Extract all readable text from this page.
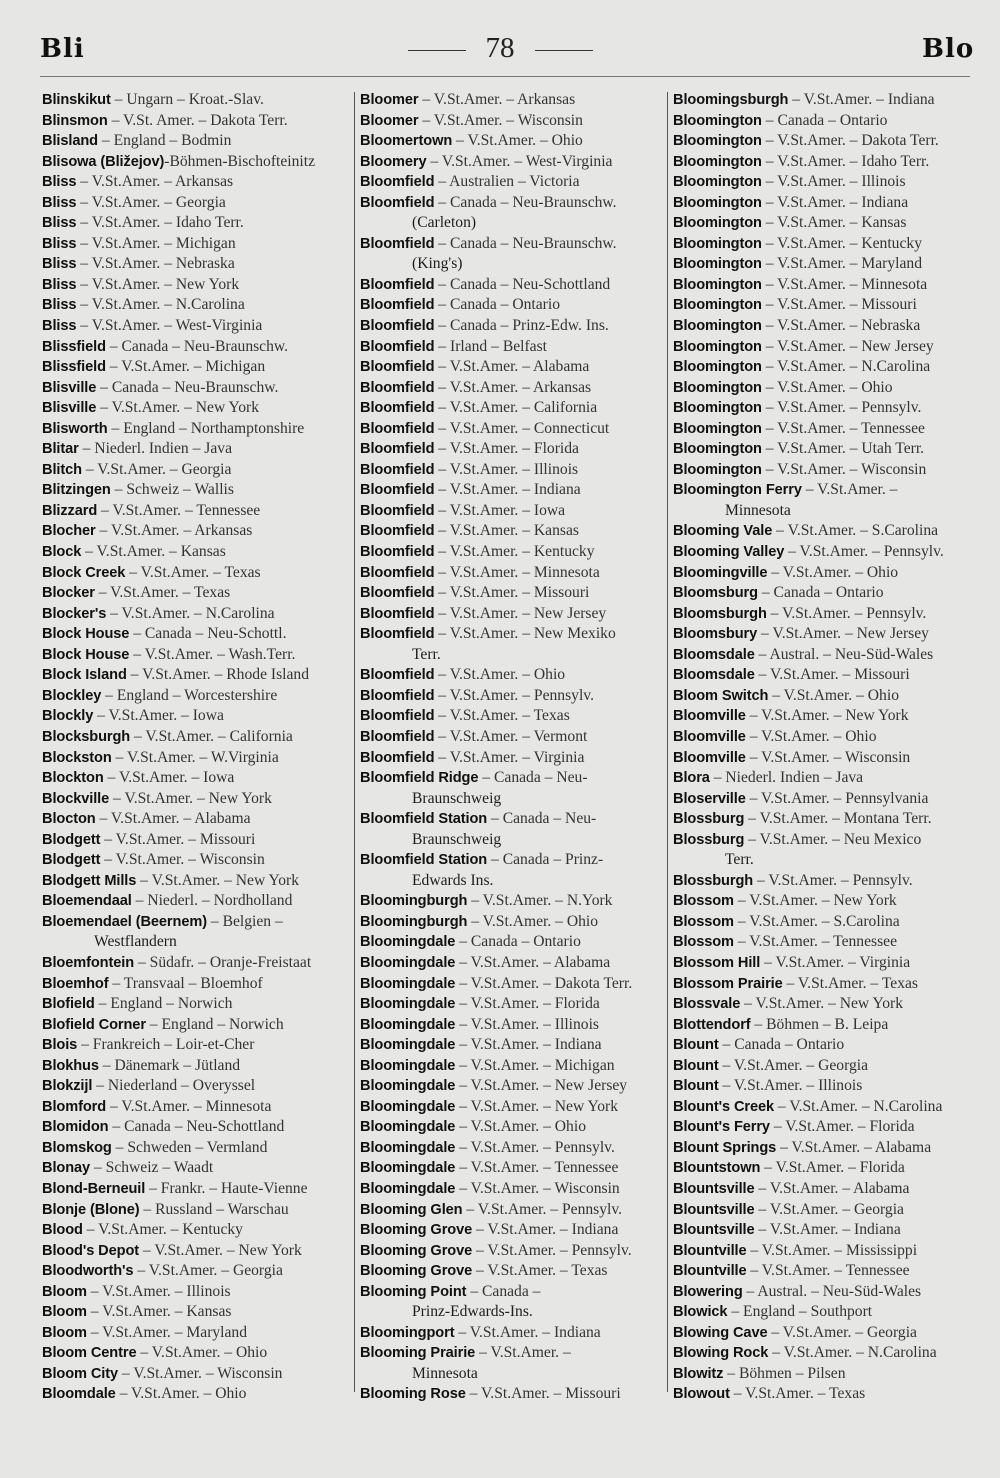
Bli	78	Blo
Blinskikut – Ungarn – Kroat.-Slav.
Blinsmon – V.St. Amer. – Dakota Terr.
Blisland – England – Bodmin
Blisowa (Bližejov)-Böhmen-Bischofteinitz
Bliss – V.St.Amer. – Arkansas
Bliss – V.St.Amer. – Georgia
Bliss – V.St.Amer. – Idaho Terr.
Bliss – V.St.Amer. – Michigan
Bliss – V.St.Amer. – Nebraska
Bliss – V.St.Amer. – New York
Bliss – V.St.Amer. – N.Carolina
Bliss – V.St.Amer. – West-Virginia
Blissfield – Canada – Neu-Braunschw.
Blissfield – V.St.Amer. – Michigan
Blisville – Canada – Neu-Braunschw.
Blisville – V.St.Amer. – New York
Blisworth – England – Northamptonshire
Blitar – Niederl. Indien – Java
Blitch – V.St.Amer. – Georgia
Blitzingen – Schweiz – Wallis
Blizzard – V.St.Amer. – Tennessee
Blocher – V.St.Amer. – Arkansas
Block – V.St.Amer. – Kansas
Block Creek – V.St.Amer. – Texas
Blocker – V.St.Amer. – Texas
Blocker's – V.St.Amer. – N.Carolina
Block House – Canada – Neu-Schottl.
Block House – V.St.Amer. – Wash.Terr.
Block Island – V.St.Amer. – Rhode Island
Blockley – England – Worcestershire
Blockly – V.St.Amer. – Iowa
Blocksburgh – V.St.Amer. – California
Blockston – V.St.Amer. – W.Virginia
Blockton – V.St.Amer. – Iowa
Blockville – V.St.Amer. – New York
Blocton – V.St.Amer. – Alabama
Blodgett – V.St.Amer. – Missouri
Blodgett – V.St.Amer. – Wisconsin
Blodgett Mills – V.St.Amer. – New York
Bloemendaal – Niederl. – Nordholland
Bloemendael (Beernem) – Belgien –
Westflandern
Bloemfontein – Südafr. – Oranje-Freistaat
Bloemhof – Transvaal – Bloemhof
Blofield – England – Norwich
Blofield Corner – England – Norwich
Blois – Frankreich – Loir-et-Cher
Blokhus – Dänemark – Jütland
Blokzijl – Niederland – Overyssel
Blomford – V.St.Amer. – Minnesota
Blomidon – Canada – Neu-Schottland
Blomskog – Schweden – Vermland
Blonay – Schweiz – Waadt
Blond-Berneuil – Frankr. – Haute-Vienne
Blonje (Blone) – Russland – Warschau
Blood – V.St.Amer. – Kentucky
Blood's Depot – V.St.Amer. – New York
Bloodworth's – V.St.Amer. – Georgia
Bloom – V.St.Amer. – Illinois
Bloom – V.St.Amer. – Kansas
Bloom – V.St.Amer. – Maryland
Bloom Centre – V.St.Amer. – Ohio
Bloom City – V.St.Amer. – Wisconsin
Bloomdale – V.St.Amer. – Ohio
Bloomer – V.St.Amer. – Arkansas
Bloomer – V.St.Amer. – Wisconsin
Bloomertown – V.St.Amer. – Ohio
Bloomery – V.St.Amer. – West-Virginia
Bloomfield – Australien – Victoria
Bloomfield – Canada – Neu-Braunschw.
(Carleton)
Bloomfield – Canada – Neu-Braunschw.
(King's)
Bloomfield – Canada – Neu-Schottland
Bloomfield – Canada – Ontario
Bloomfield – Canada – Prinz-Edw. Ins.
Bloomfield – Irland – Belfast
Bloomfield – V.St.Amer. – Alabama
Bloomfield – V.St.Amer. – Arkansas
Bloomfield – V.St.Amer. – California
Bloomfield – V.St.Amer. – Connecticut
Bloomfield – V.St.Amer. – Florida
Bloomfield – V.St.Amer. – Illinois
Bloomfield – V.St.Amer. – Indiana
Bloomfield – V.St.Amer. – Iowa
Bloomfield – V.St.Amer. – Kansas
Bloomfield – V.St.Amer. – Kentucky
Bloomfield – V.St.Amer. – Minnesota
Bloomfield – V.St.Amer. – Missouri
Bloomfield – V.St.Amer. – New Jersey
Bloomfield – V.St.Amer. – New Mexiko
Terr.
Bloomfield – V.St.Amer. – Ohio
Bloomfield – V.St.Amer. – Pennsylv.
Bloomfield – V.St.Amer. – Texas
Bloomfield – V.St.Amer. – Vermont
Bloomfield – V.St.Amer. – Virginia
Bloomfield Ridge – Canada – Neu-
Braunschweig
Bloomfield Station – Canada – Neu-
Braunschweig
Bloomfield Station – Canada – Prinz-
Edwards Ins.
Bloomingburgh – V.St.Amer. – N.York
Bloomingburgh – V.St.Amer. – Ohio
Bloomingdale – Canada – Ontario
Bloomingdale – V.St.Amer. – Alabama
Bloomingdale – V.St.Amer. – Dakota Terr.
Bloomingdale – V.St.Amer. – Florida
Bloomingdale – V.St.Amer. – Illinois
Bloomingdale – V.St.Amer. – Indiana
Bloomingdale – V.St.Amer. – Michigan
Bloomingdale – V.St.Amer. – New Jersey
Bloomingdale – V.St.Amer. – New York
Bloomingdale – V.St.Amer. – Ohio
Bloomingdale – V.St.Amer. – Pennsylv.
Bloomingdale – V.St.Amer. – Tennessee
Bloomingdale – V.St.Amer. – Wisconsin
Blooming Glen – V.St.Amer. – Pennsylv.
Blooming Grove – V.St.Amer. – Indiana
Blooming Grove – V.St.Amer. – Pennsylv.
Blooming Grove – V.St.Amer. – Texas
Blooming Point – Canada –
Prinz-Edwards-Ins.
Bloomingport – V.St.Amer. – Indiana
Blooming Prairie – V.St.Amer. –
Minnesota
Blooming Rose – V.St.Amer. – Missouri
Bloomingsburgh – V.St.Amer. – Indiana
Bloomington – Canada – Ontario
Bloomington – V.St.Amer. – Dakota Terr.
Bloomington – V.St.Amer. – Idaho Terr.
Bloomington – V.St.Amer. – Illinois
Bloomington – V.St.Amer. – Indiana
Bloomington – V.St.Amer. – Kansas
Bloomington – V.St.Amer. – Kentucky
Bloomington – V.St.Amer. – Maryland
Bloomington – V.St.Amer. – Minnesota
Bloomington – V.St.Amer. – Missouri
Bloomington – V.St.Amer. – Nebraska
Bloomington – V.St.Amer. – New Jersey
Bloomington – V.St.Amer. – N.Carolina
Bloomington – V.St.Amer. – Ohio
Bloomington – V.St.Amer. – Pennsylv.
Bloomington – V.St.Amer. – Tennessee
Bloomington – V.St.Amer. – Utah Terr.
Bloomington – V.St.Amer. – Wisconsin
Bloomington Ferry – V.St.Amer. –
Minnesota
Blooming Vale – V.St.Amer. – S.Carolina
Blooming Valley – V.St.Amer. – Pennsylv.
Bloomingville – V.St.Amer. – Ohio
Bloomsburg – Canada – Ontario
Bloomsburgh – V.St.Amer. – Pennsylv.
Bloomsbury – V.St.Amer. – New Jersey
Bloomsdale – Austral. – Neu-Süd-Wales
Bloomsdale – V.St.Amer. – Missouri
Bloom Switch – V.St.Amer. – Ohio
Bloomville – V.St.Amer. – New York
Bloomville – V.St.Amer. – Ohio
Bloomville – V.St.Amer. – Wisconsin
Blora – Niederl. Indien – Java
Bloserville – V.St.Amer. – Pennsylvania
Blossburg – V.St.Amer. – Montana Terr.
Blossburg – V.St.Amer. – Neu Mexico
Terr.
Blossburgh – V.St.Amer. – Pennsylv.
Blossom – V.St.Amer. – New York
Blossom – V.St.Amer. – S.Carolina
Blossom – V.St.Amer. – Tennessee
Blossom Hill – V.St.Amer. – Virginia
Blossom Prairie – V.St.Amer. – Texas
Blossvale – V.St.Amer. – New York
Blottendorf – Böhmen – B. Leipa
Blount – Canada – Ontario
Blount – V.St.Amer. – Georgia
Blount – V.St.Amer. – Illinois
Blount's Creek – V.St.Amer. – N.Carolina
Blount's Ferry – V.St.Amer. – Florida
Blount Springs – V.St.Amer. – Alabama
Blountstown – V.St.Amer. – Florida
Blountsville – V.St.Amer. – Alabama
Blountsville – V.St.Amer. – Georgia
Blountsville – V.St.Amer. – Indiana
Blountville – V.St.Amer. – Mississippi
Blountville – V.St.Amer. – Tennessee
Blowering – Austral. – Neu-Süd-Wales
Blowick – England – Southport
Blowing Cave – V.St.Amer. – Georgia
Blowing Rock – V.St.Amer. – N.Carolina
Blowitz – Böhmen – Pilsen
Blowout – V.St.Amer. – Texas
